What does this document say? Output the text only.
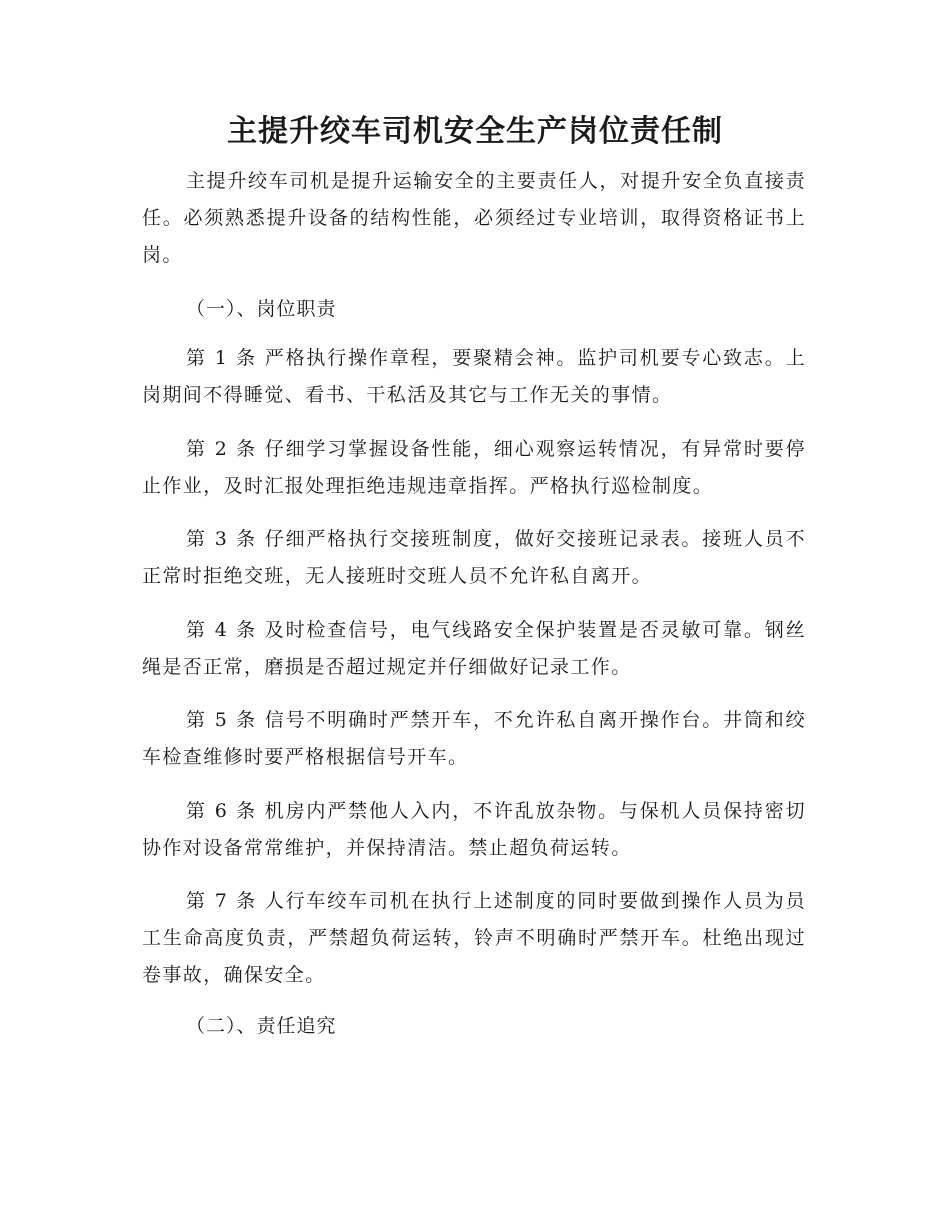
主提升绞车司机安全生产岗位责任制

主提升绞车司机是提升运输安全的主要责任人，对提升安全负直接责任。必须熟悉提升设备的结构性能，必须经过专业培训，取得资格证书上岗。

（一）、岗位职责

第 1 条 严格执行操作章程，要聚精会神。监护司机要专心致志。上岗期间不得睡觉、看书、干私活及其它与工作无关的事情。

第 2 条 仔细学习掌握设备性能，细心观察运转情况，有异常时要停止作业，及时汇报处理拒绝违规违章指挥。严格执行巡检制度。

第 3 条 仔细严格执行交接班制度，做好交接班记录表。接班人员不正常时拒绝交班，无人接班时交班人员不允许私自离开。

第 4 条 及时检查信号，电气线路安全保护装置是否灵敏可靠。钢丝绳是否正常，磨损是否超过规定并仔细做好记录工作。

第 5 条 信号不明确时严禁开车，不允许私自离开操作台。井筒和绞车检查维修时要严格根据信号开车。

第 6 条 机房内严禁他人入内，不许乱放杂物。与保机人员保持密切协作对设备常常维护，并保持清洁。禁止超负荷运转。

第 7 条 人行车绞车司机在执行上述制度的同时要做到操作人员为员工生命高度负责，严禁超负荷运转，铃声不明确时严禁开车。杜绝出现过卷事故，确保安全。

（二）、责任追究
